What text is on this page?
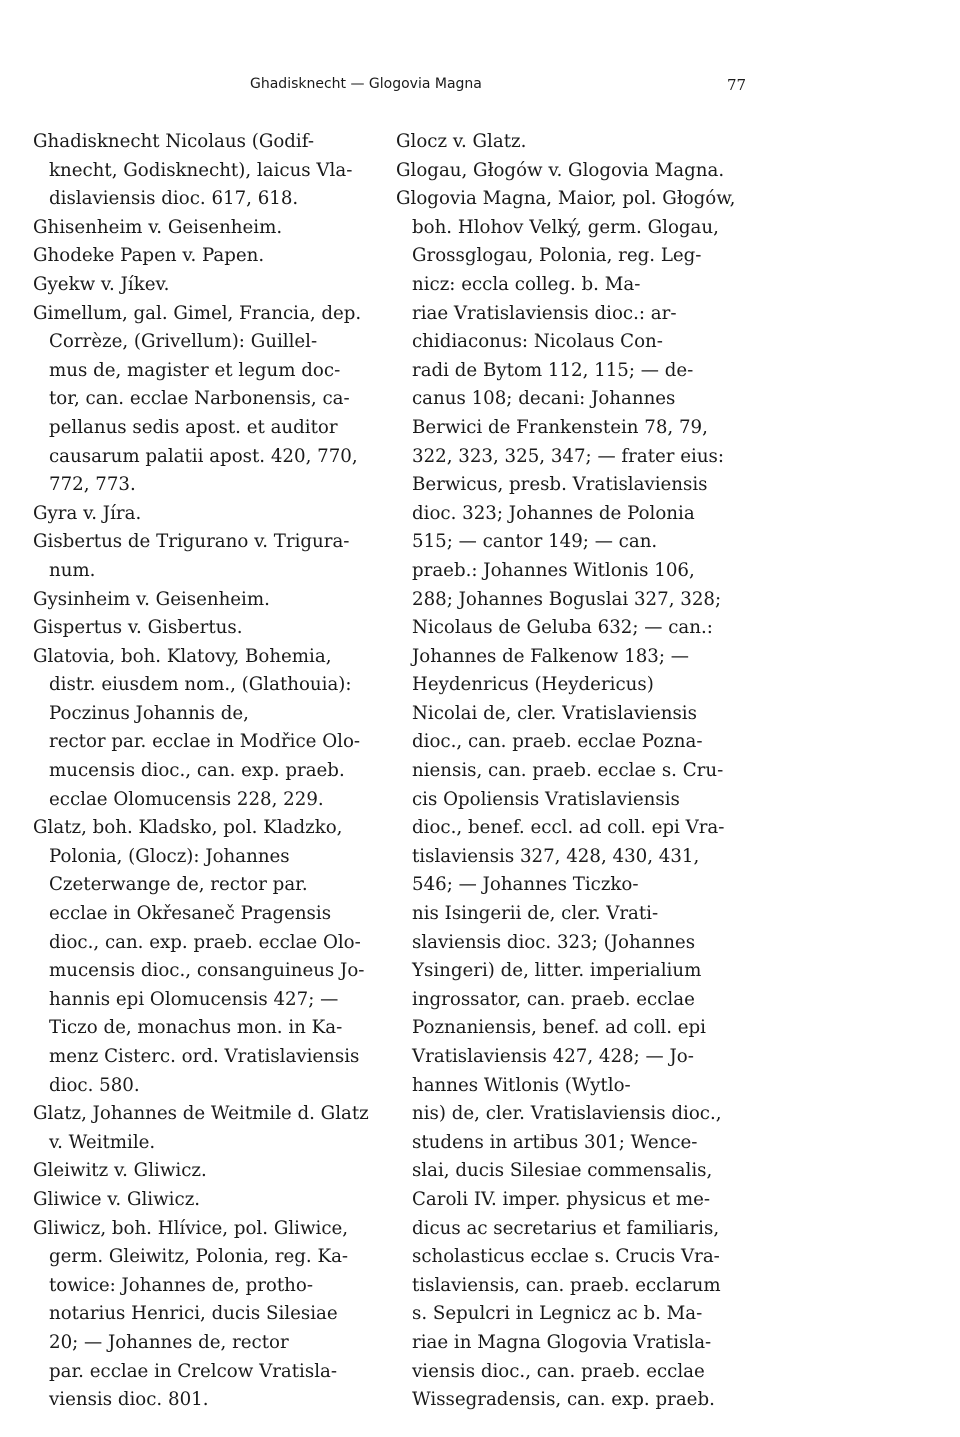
Ghadisknecht — Glogovia Magna	77
Ghadisknecht Nicolaus (Godif-
knecht, Godisknecht), laicus Vla-
dislaviensis dioc. 617, 618.
Ghisenheim v. Geisenheim.
Ghodeke Papen v. Papen.
Gyekw v. Jíkev.
Gimellum, gal. Gimel, Francia, dep.
Corrèze, (Grivellum): Guillel-
mus de, magister et legum doc-
tor, can. ecclae Narbonensis, ca-
pellanus sedis apost. et auditor
causarum palatii apost. 420, 770,
772, 773.
Gyra v. Jíra.
Gisbertus de Triguranо v. Trigura-
num.
Gysinheim v. Geisenheim.
Gispertus v. Gisbertus.
Glatovia, boh. Klatovy, Bohemia,
distr. eiusdem nom., (Glathouia):
Poczinus Johannis de,
rector par. ecclae in Modřice Olo-
mucensis dioc., can. exp. praeb.
ecclae Olomucensis 228, 229.
Glatz, boh. Kladsko, pol. Kladzko,
Polonia, (Glocz): Johannes
Czeterwange de, rector par.
ecclae in Okřesaneč Pragensis
dioc., can. exp. praeb. ecclae Olo-
mucensis dioc., consanguineus Jo-
hannis epi Olomucensis 427; —
Ticzo de, monachus mon. in Ka-
menz Cisterc. ord. Vratislaviensis
dioc. 580.
Glatz, Johannes de Weitmile d. Glatz
v. Weitmile.
Gleiwitz v. Gliwicz.
Gliwice v. Gliwicz.
Gliwicz, boh. Hlívice, pol. Gliwice,
germ. Gleiwitz, Polonia, reg. Ka-
towice: Johannes de, protho-
notarius Henrici, ducis Silesiae
20; — Johannes de, rector
par. ecclae in Crelcow Vratisla-
viensis dioc. 801.
Glocz v. Glatz.
Glogau, Głogów v. Glogovia Magna.
Glogovia Magna, Maior, pol. Głogów,
boh. Hlohov Velký, germ. Glogau,
Grossglogau, Polonia, reg. Leg-
nicz: eccla colleg. b. Ma-
riae Vratislaviensis dioc.: ar-
chidiaconus: Nicolaus Con-
radi de Bytom 112, 115; — de-
canus 108; decani: Johannes
Berwici de Frankenstein 78, 79,
322, 323, 325, 347; — frater eius:
Berwicus, presb. Vratislaviensis
dioc. 323; Johannes de Polonia
515; — cantor 149; — can.
praeb.: Johannes Witlonis 106,
288; Johannes Boguslai 327, 328;
Nicolaus de Geluba 632; — can.:
Johannes de Falkenow 183; —
Heydenricus (Heydericus)
Nicolai de, cler. Vratislaviensis
dioc., can. praeb. ecclae Pozna-
niensis, can. praeb. ecclae s. Cru-
cis Opoliensis Vratislaviensis
dioc., benef. eccl. ad coll. epi Vra-
tislaviensis 327, 428, 430, 431,
546; — Johannes Ticzko-
nis Isingerii de, cler. Vrati-
slaviensis dioc. 323; (Johannes
Ysingeri) de, litter. imperialium
ingrossator, can. praeb. ecclae
Poznaniensis, benef. ad coll. epi
Vratislaviensis 427, 428; — Jo-
hannes Witlonis (Wytlo-
nis) de, cler. Vratislaviensis dioc.,
studens in artibus 301; Wence-
slai, ducis Silesiae commensalis,
Caroli IV. imper. physicus et me-
dicus ac secretarius et familiaris,
scholasticus ecclae s. Crucis Vra-
tislaviensis, can. praeb. ecclarum
s. Sepulcri in Legnicz ac b. Ma-
riae in Magna Glogovia Vratisla-
viensis dioc., can. praeb. ecclae
Wissegradensis, can. exp. praeb.
